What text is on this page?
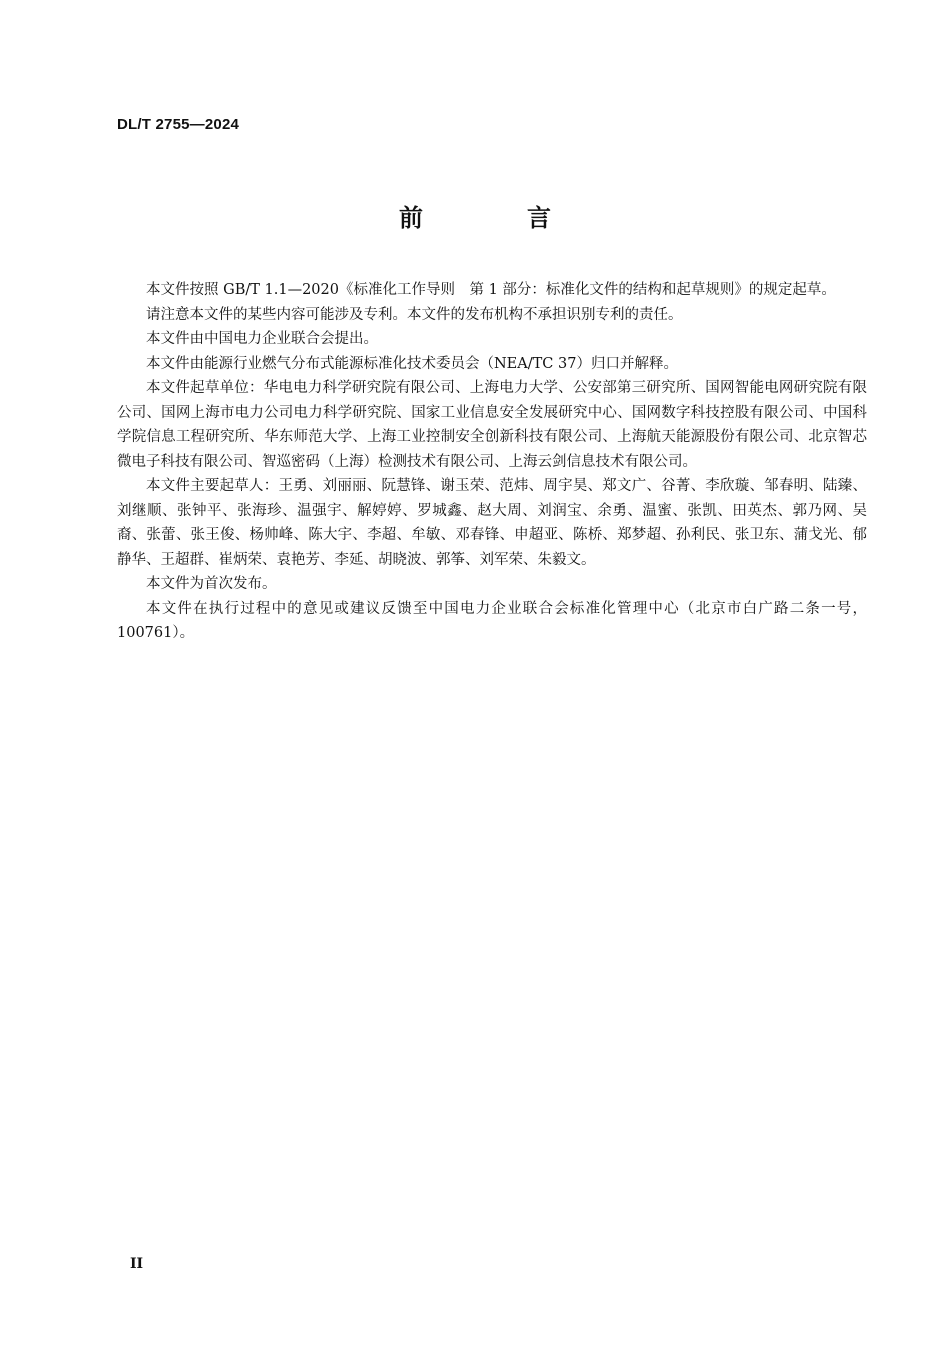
DL/T 2755—2024
前　言

本文件按照 GB/T 1.1—2020《标准化工作导则　第 1 部分：标准化文件的结构和起草规则》的规定起草。

请注意本文件的某些内容可能涉及专利。本文件的发布机构不承担识别专利的责任。

本文件由中国电力企业联合会提出。

本文件由能源行业燃气分布式能源标准化技术委员会（NEA/TC 37）归口并解释。

本文件起草单位：华电电力科学研究院有限公司、上海电力大学、公安部第三研究所、国网智能电网研究院有限公司、国网上海市电力公司电力科学研究院、国家工业信息安全发展研究中心、国网数字科技控股有限公司、中国科学院信息工程研究所、华东师范大学、上海工业控制安全创新科技有限公司、上海航天能源股份有限公司、北京智芯微电子科技有限公司、智巡密码（上海）检测技术有限公司、上海云剑信息技术有限公司。

本文件主要起草人：王勇、刘丽丽、阮慧锋、谢玉荣、范炜、周宇昊、郑文广、谷菁、李欣璇、邹春明、陆臻、刘继顺、张钟平、张海珍、温强宇、解婷婷、罗城鑫、赵大周、刘润宝、余勇、温蜜、张凯、田英杰、郭乃网、吴裔、张蕾、张王俊、杨帅峰、陈大宇、李超、牟敏、邓春锋、申超亚、陈桥、郑梦超、孙利民、张卫东、蒲戈光、郁静华、王超群、崔炳荣、袁艳芳、李延、胡晓波、郭筝、刘军荣、朱毅文。

本文件为首次发布。

本文件在执行过程中的意见或建议反馈至中国电力企业联合会标准化管理中心（北京市白广路二条一号，100761）。

II
